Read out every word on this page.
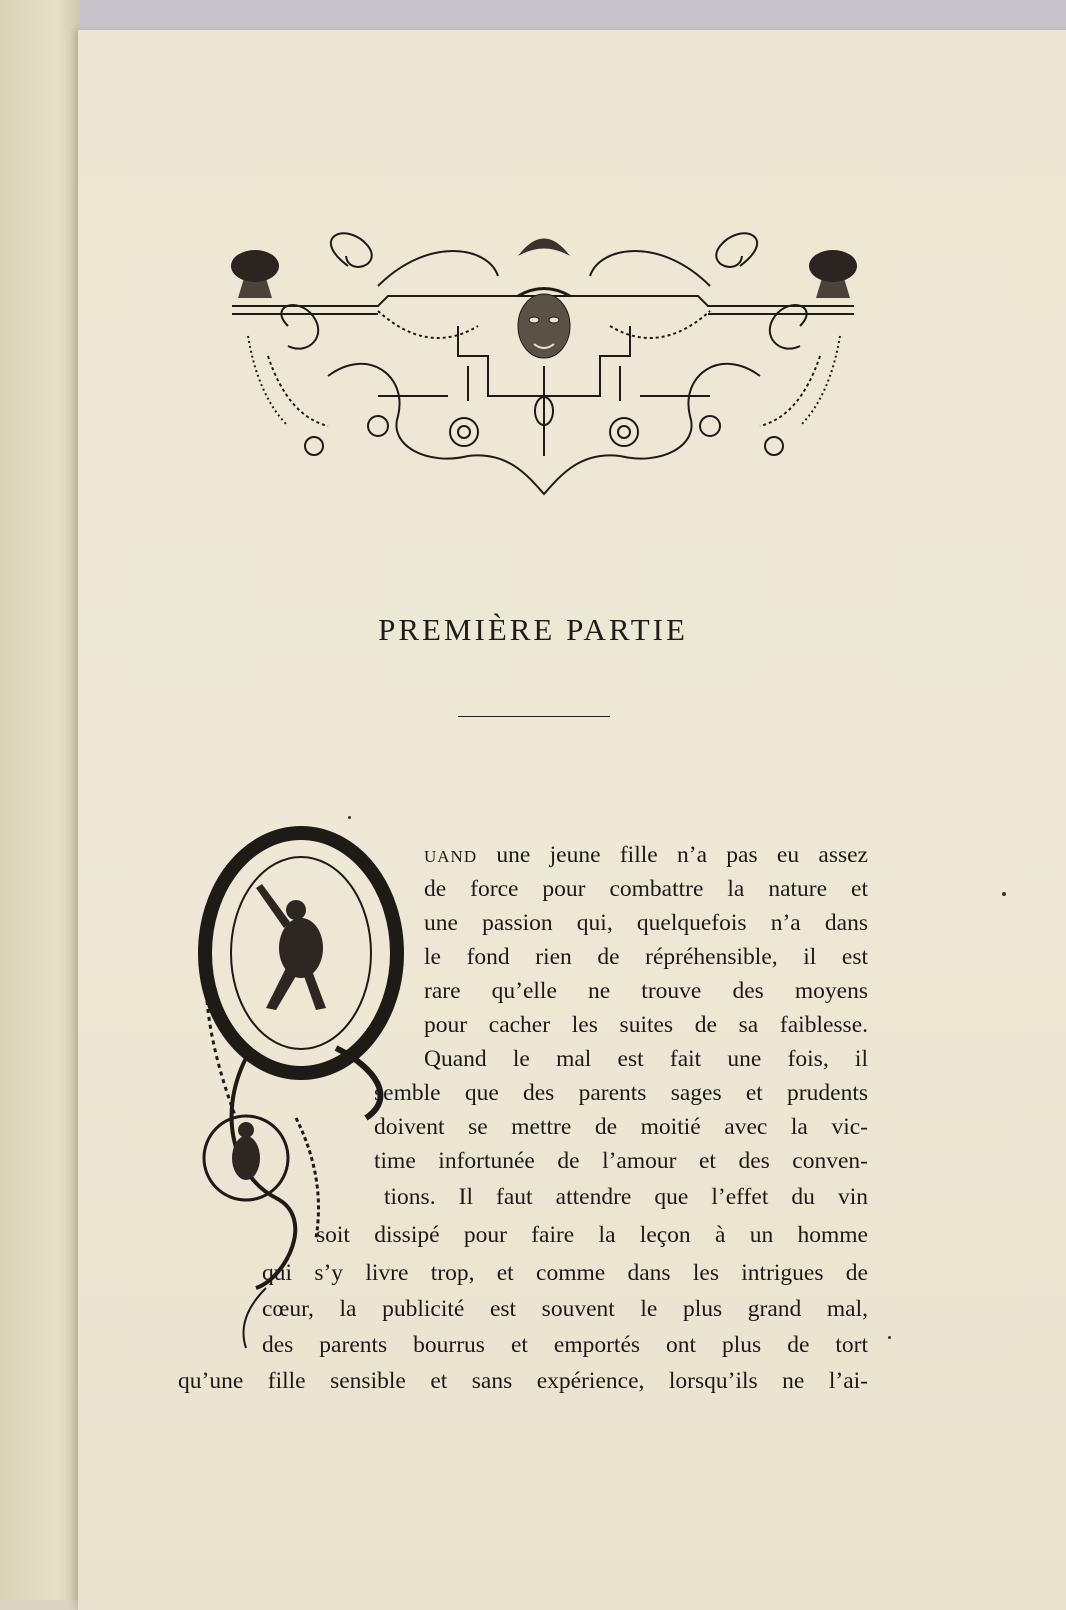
PREMIÈRE PARTIE
UAND une jeune fille n’a pas eu assez
de force pour combattre la nature et
une passion qui, quelquefois n’a dans
le fond rien de répréhensible, il est
rare qu’elle ne trouve des moyens
pour cacher les suites de sa faiblesse.
Quand le mal est fait une fois, il
semble que des parents sages et prudents
doivent se mettre de moitié avec la vic-
time infortunée de l’amour et des conven-
tions. Il faut attendre que l’effet du vin
soit dissipé pour faire la leçon à un homme
qui s’y livre trop, et comme dans les intrigues de
cœur, la publicité est souvent le plus grand mal,
des parents bourrus et emportés ont plus de tort
qu’une fille sensible et sans expérience, lorsqu’ils ne l’ai-
